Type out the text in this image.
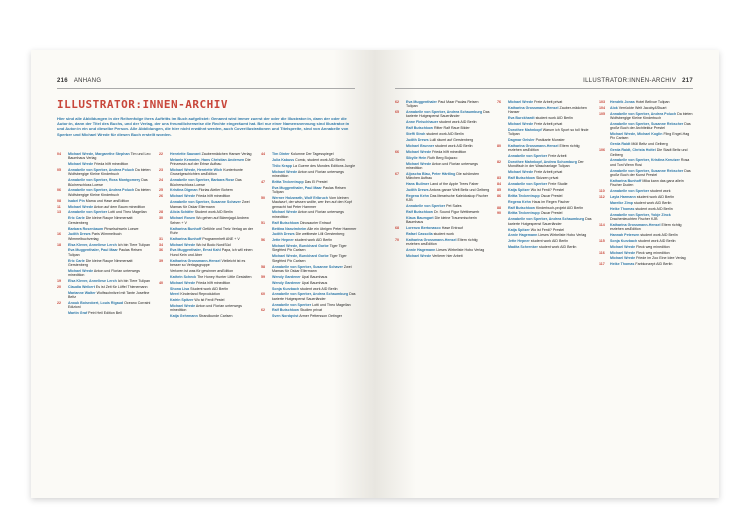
216 ANHANG
ILLUSTRATOR:INNEN-ARCHIV
Hier sind alle Abbildungen in der Reihenfolge ihres Auftritts im Buch aufgelistet: Genannt wird immer zuerst der oder die Illustrator:in, dann der oder die Autor:in, dann der Titel des Buchs, und der Verlag, der uns freundlicherweise die Rechte eingeräumt hat. Bei nur einer Namensnennung sind Illustrator:in und Autor:in ein und dieselbe Person. Alle Abbildungen, die hier nicht erwähnt werden, auch Coverillustrationen und Titelspreite, sind von Annabelle von Sperber und Michael Wrede für diesen Buch erstellt worden.
04	Michael Wrede, Margarethe Stephan Tim und Leo Baumhaus Verlag
Michael Wrede Frieda hilft minedition
05	Annabelle von Sperber, Andrea Poluch Da bieten Wolfsbergige Kleine Kinderbuch
Annabelle von Sperber, Ross Montgomery Das Bücherschloss Loewe
06	Annabelle von Sperber, Andrea Poluch Da bieten Wolfsbergige Kleine Kinderbuch
08	Isabel Pin Mama und Hase arsEdition
11	Michael Wrede Anton auf dem Baum minedition
13	Annabelle von Sperber Lotti und Theo Magellan
Eric Carle Die kleine Raupe Nimmersatt Gerstenberg
Barbara Rosenbaum Pinselschwein Loewe
16	Judith Drews Paris Wimmelbuch Wimmelbuchverlag
18	Elsa Klever, Anneliese Lerch Ich bin Tiere Tulipan
Eva Muggenthaler, Paul Maar Paulas Reisen Tulipan
Eric Carle Die kleine Raupe Nimmersatt Gerstenberg
Michael Wrede Anton und Florian unterwegs minedition
19	Elsa Klever, Anneliese Lerch Ich bin Tiere Tulipan
20	Claudia Weikert Es ist Zeit für Löffel Thienemann
Marianne Walter Wolfsschnitzel mit Tante Josefine Beltz
22	Anouk Boisrobert, Louis Rigaud Oceano Corraini Edizioni
Martin Graf Petri Heil Edition Bell
22	Henriette Sauvant Zaubermädchen Hanser Verlag
Melanie Kemmler, Hans Christian Andersen Die Prinzessin auf der Erbse Aufbau
23	Michael Wrede, Henriette Wich Kunterbunte Gruselgeschichten arsEdition
24	Annabelle von Sperber, Barbara Rose Das Bücherschloss Loewe
25	Kristina Digman Florias Atelier Bohem
26	Michael Wrede Frieda hilft minedition
Annabelle von Sperber, Susanne Schaver Zwei Mamas für Oskar Ellermann
28	Alicia Schäfer Student work AID Berlin
30	Michael Rosen Wo gehen auf Bärenjagd Andrew Sehen + V
Katharina Bunhoff Gefühle und Treiz Verlag an der Ruhr
31	Katharina Bunhoff Programmheft ANE + V
34	Michael Wrede Wo ist Bodo NordSüd
36	Eva Muggenthaler, Ernst Kahl Papa, ich will einen Hund Kein und Aber
39	Katharina Grossmann-Hensel Vielleicht ist es besser so Verlagsgruppe
Verloren ist was für gewinner arsEdition
Kathrin Scheck The Honey Hunter Little Gestalten
40	Michael Wrede Frieda hilft minedition
Shona Lisa Student work AID Berlin
Merel Kinderland Reproduktion
Katrin Spitzer Wo ist Ferdi Pestel
Michael Wrede Anton und Florian unterwegs minedition
Katja Gehrmann Strandkunde Carlsen
44	Tim Dinter Kolumne Der Tagesspiegel
Julia Kabuss Comic, student work AID Berlin
Thilo Krapp La Guerre des Mondes Editions Jungle
Michael Wrede Anton und Florian unterwegs minedition
47	Britta Teckentrupp Das Ei Prestel
Eva Muggenthaler, Paul Maar Paulas Reisen Tulipan
50	Werner Holzwarth, Wolf Erlbruch Vom kleinen Maulwurf, der wissen wollte, wer ihm auf den Kopf gemacht hat Peter Hammer
Michael Wrede Anton und Florian unterwegs minedition
51	Ralf Butschkow Dinosaurier Entrauf
Bettina Nanzimheim Alle ein übrigen Peter Hammer
Judith Drews Die weltbeste Lilli Gerstenberg
56	Jette Hepner student work AID Berlin
Michael Wrede, Burckhard Gorbe Tiger Tiger Siegfried Pix Carlsen
Michael Wrede, Burckhard Gorbe Tiger Tiger Siegfried Pix Carlsen
58	Annabelle von Sperber, Susanne Schaver Zwei Mamas für Oskar Ellermann
59	Wendy Gardener Upal Baumhaus
Wendy Gardener Upal Baumhaus
Sonja Kurzbach student work AID Berlin
60	Annabelle von Sperber, Andrea Schaumburg Das karierte Hutgespenst Sauerländer
Annabelle von Sperber Lotti und Theo Magellan
62	Ralf Butschkow Studien privat
Sven Nordqvist Armer Pettersson Oetinger
ILLUSTRATOR:INNEN-ARCHIV 217
62	Eva Muggenthaler Paul Maar Paulas Reisen Tulipan
65	Annabelle von Sperber, Andrea Schaumburg Das karierte Hutgespenst Sauerländer
Anne Fleischhauer student work AID Berlin
Ralf Butschkow Ritter Ralf Raue Bilder
Steffi Stroh student work AID Berlin
Judith Drews Lulli räumt auf Gerstenberg
Michael Brunner student work AID Berlin
66	Michael Wrede Frieda hilft minedition
Sibylle Hein Ruth Berg Bojazzo
Michael Wrede Anton und Florian unterwegs minedition
67	Aljoscha Blau, Peter Härtling Die schönsten Märchen Aufbau
Hans Bullmer Land of the Apple Trees Faber
Judith Drews Antons ganze Welt Beltz und Gelberg
Regena Kehn Das literarische Kaleidoskop Fischer KJB
Annabelle von Sperber Pet Sales
Ralf Butschkow Dr. Sound Figur Wettbewerb
Klaus Baumgart Die kleine Traummischerin Baumhaus
68	Lorenzo Bertonasco Hase Entrauf
Rafael Cassolla student work
70	Katharina Grossmann-Hensel Eltern richtig erziehen arsEdition
Annie Hagemann Lieses Wirbeliste Hobo Verlag
Michael Wrede Verlierer hier Arbeit
76	Michael Wrede Freie Arbeit privat
Katharina Grossmann-Hensel Zauber-mädchen Hanser
Eva Burckhardt student work AID Berlin
Michael Wrede Freie Arbeit privat
Dorothee Mahnkopf Warum ich Sport so toll finde Tulipan
Dagmar Geisler Postkarte Munster
80	Katharina Grossmann-Hensel Eltern richtig erziehen arsEdition
Annabelle von Sperber Freie Arbeit
82	Dorothee Mahnkopf, Andrea Schomburg Der Mondfisch in der Waschanlage Tulipan
Michael Wrede Freie Arbeit privat
83	Ralf Butschkow Skizzen privat
84	Annabelle von Sperber Freie Studie
85	Katja Spitzer Wo ist Ferdi? Prestel
86	Britta Teckentrupp Oscar Prestel
Regena Kehn Haus im Regen Fischer
88	Ralf Butschkow Kinderbuch-projekt AID Berlin
90	Britta Teckentrupp Oscar Prestel
Annabelle von Sperber, Andrea Schaumburg Das karierte Hutgespenst Sauerländer
Katja Spitzer Wo ist Ferdi? Prestel
Annie Hagemann Lieses Wirbeliste Hobo Verlag
Jette Hepner student work AID Berlin
Madita Schrenker student work AID Berlin
103	Hendrik Jonas Hotel Bellvue Tulipan
104	Alok Verrückte Welt Jacoby&Stuart
105	Annabelle von Sperber, Andrea Poluch Da bieten Wolfsbergige Kleine Kinderbuch
Annabelle von Sperber, Susanne Rebscher Das große Buch der Architektur Prestel
Michael Wrede, Michael Koglin Fling Engel-Hag Pix Carlsen
Gerda Raidt Müll Beltz und Gelberg
106	Gerda Raidt, Christa Holtei Die Stadt Beltz und Gelberg
Annabelle von Sperber, Kristina Kreutzer Rosa und Toni Wenn Rosi
Annabelle von Sperber, Susanne Rebscher Das große Buch der Kunst Prestel
Katharina Bunhoff Mika kann das ganz allein Fischer Duden
110	Annabelle von Sperber student work
112	Layla Harmann student work AID Berlin
Mareike Zimp student work AID Berlin
Heike Thomas student work AID Berlin
Annabelle von Sperber, Yobje Zinck Drachenleuchten Fischer KJB
114	Katharina Grossmann-Hensel Eltern richtig erziehen arsEdition
Hannah Petersen student work AID Berlin
115	Sonja Kurzbach student work AID Berlin
Michael Wrede Fleck weg minedition
116	Michael Wrede Fleck weg minedition
Michael Wrede Friede im Zoo Eine Idee Verlag
117	Heike Thomas Farbkonzept AID Berlin
